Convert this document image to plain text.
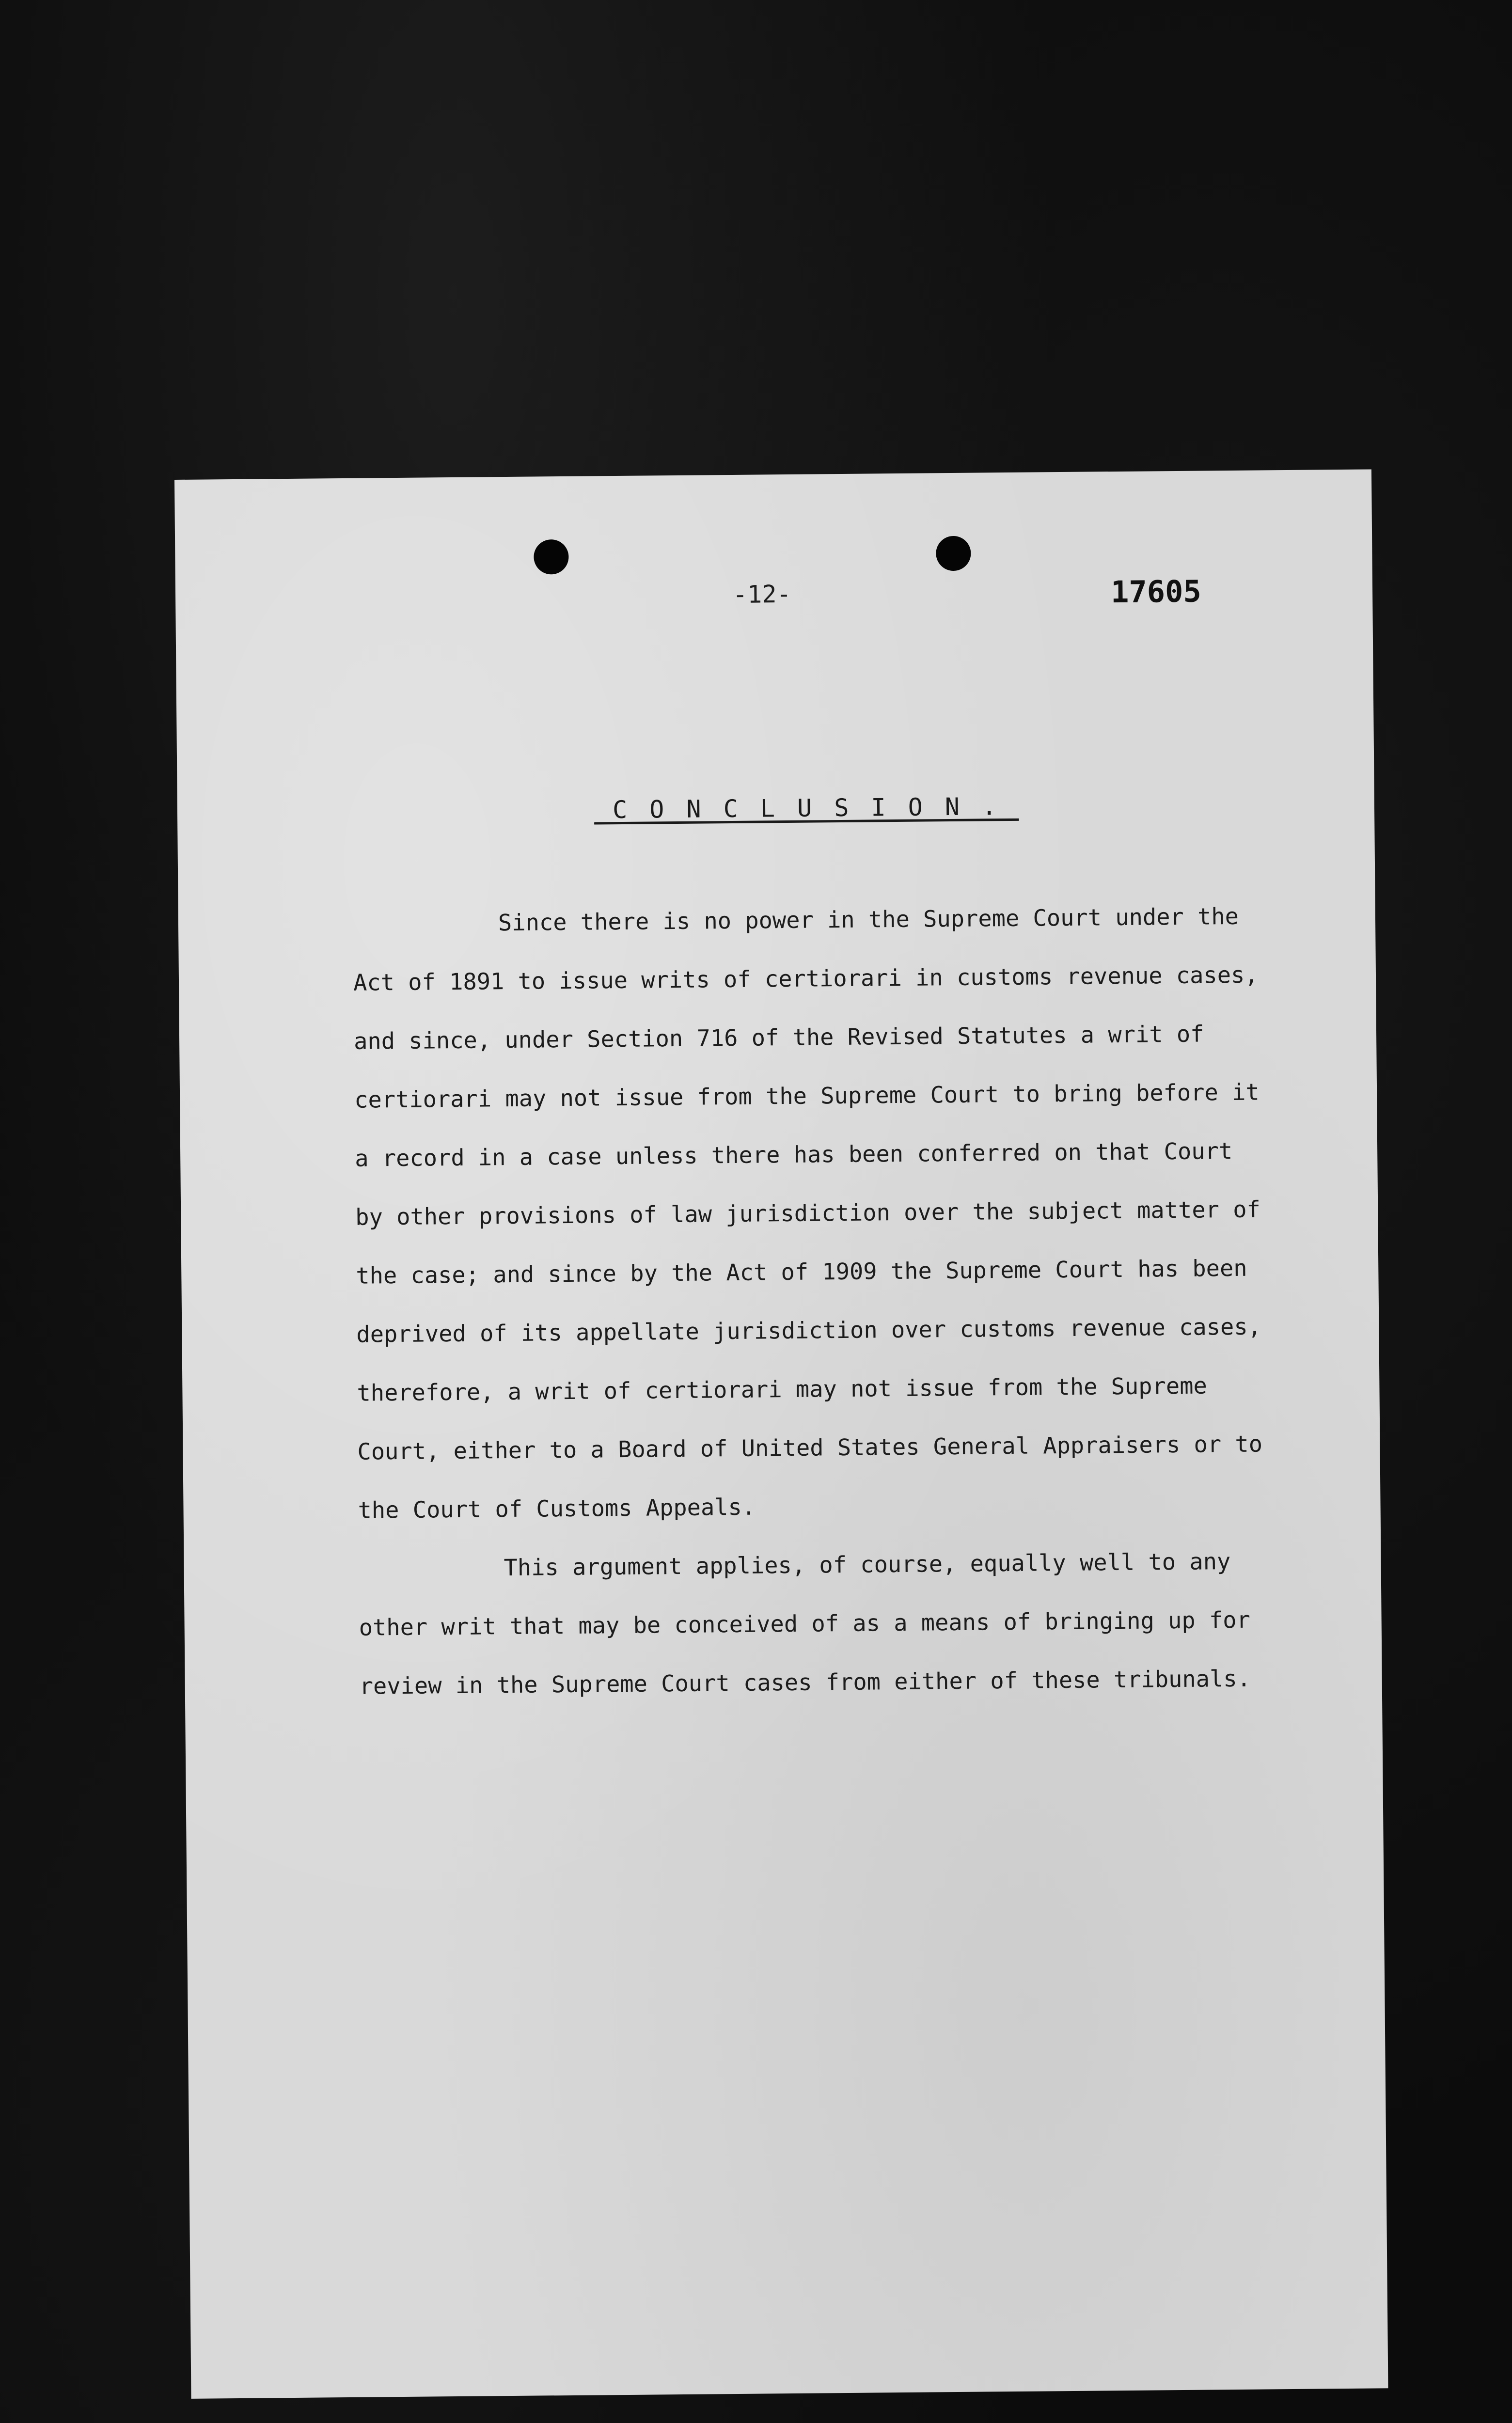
-12-	17605
_C_O_N_C_L_U_S_I_O_N_._

Since there is no power in the Supreme Court under the Act of 1891 to issue writs of certiorari in customs revenue cases, and since, under Section 716 of the Revised Statutes a writ of certiorari may not issue from the Supreme Court to bring before it a record in a case unless there has been conferred on that Court by other provisions of law jurisdiction over the subject matter of the case; and since by the Act of 1909 the Supreme Court has been deprived of its appellate jurisdiction over customs revenue cases, therefore, a writ of certiorari may not issue from the Supreme Court, either to a Board of United States General Appraisers or to the Court of Customs Appeals.

This argument applies, of course, equally well to any other writ that may be conceived of as a means of bringing up for review in the Supreme Court cases from either of these tribunals.
